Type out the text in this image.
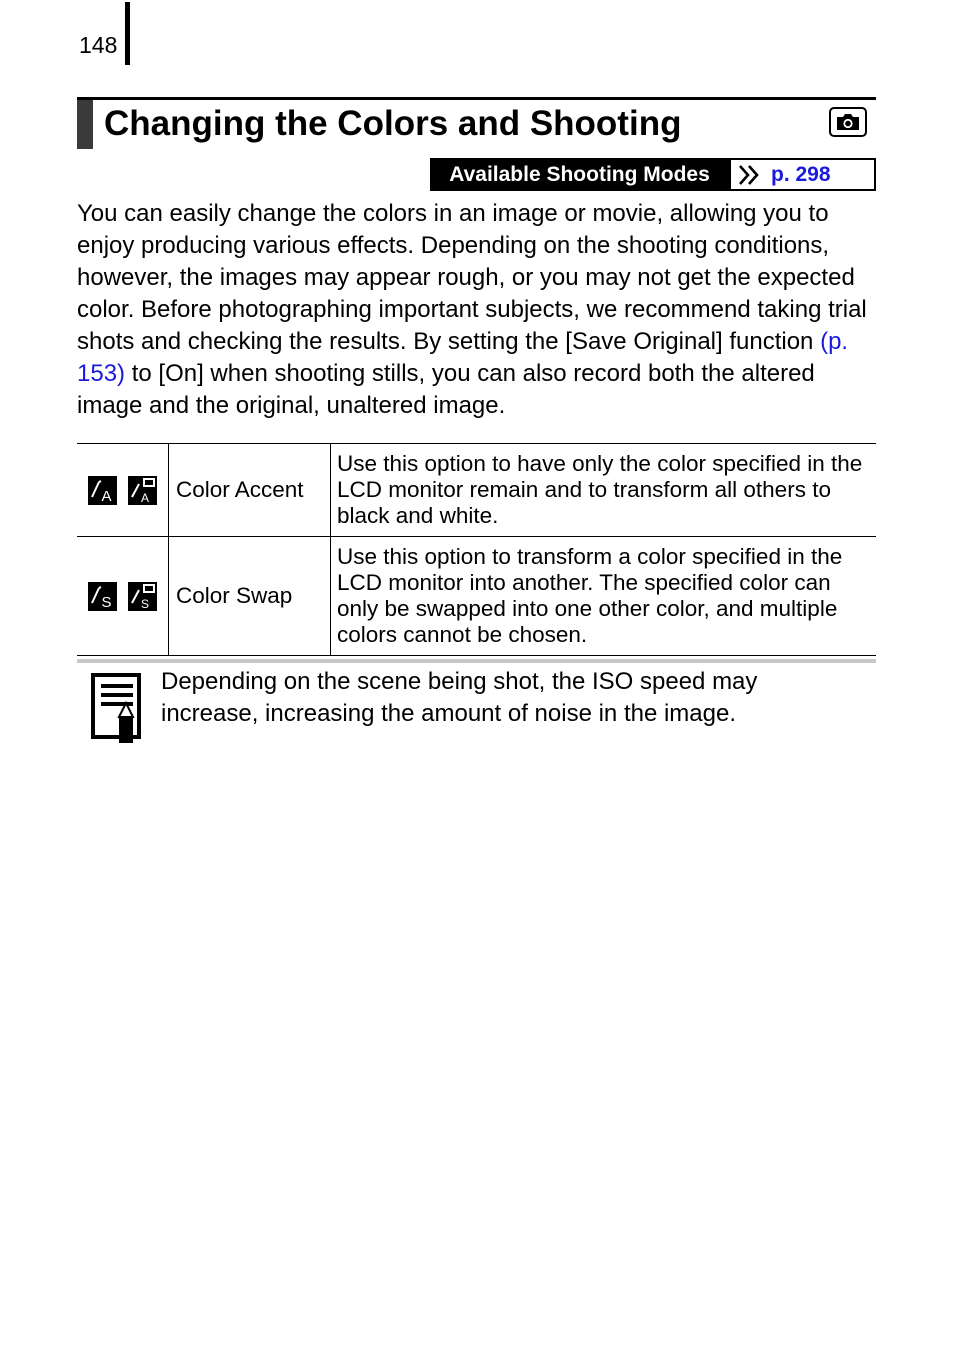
148
Changing the Colors and Shooting
Available Shooting Modes	p. 298

You can easily change the colors in an image or movie, allowing you to enjoy producing various effects. Depending on the shooting conditions, however, the images may appear rough, or you may not get the expected color. Before photographing important subjects, we recommend taking trial shots and checking the results. By setting the [Save Original] function (p. 153) to [On] when shooting stills, you can also record both the altered image and the original, unaltered image.

A
A	Color Accent	Use this option to have only the color specified in the LCD monitor remain and to transform all others to black and white.

S
S	Color Swap	Use this option to transform a color specified in the LCD monitor into another. The specified color can only be swapped into one other color, and multiple colors cannot be chosen.
Depending on the scene being shot, the ISO speed may increase, increasing the amount of noise in the image.
